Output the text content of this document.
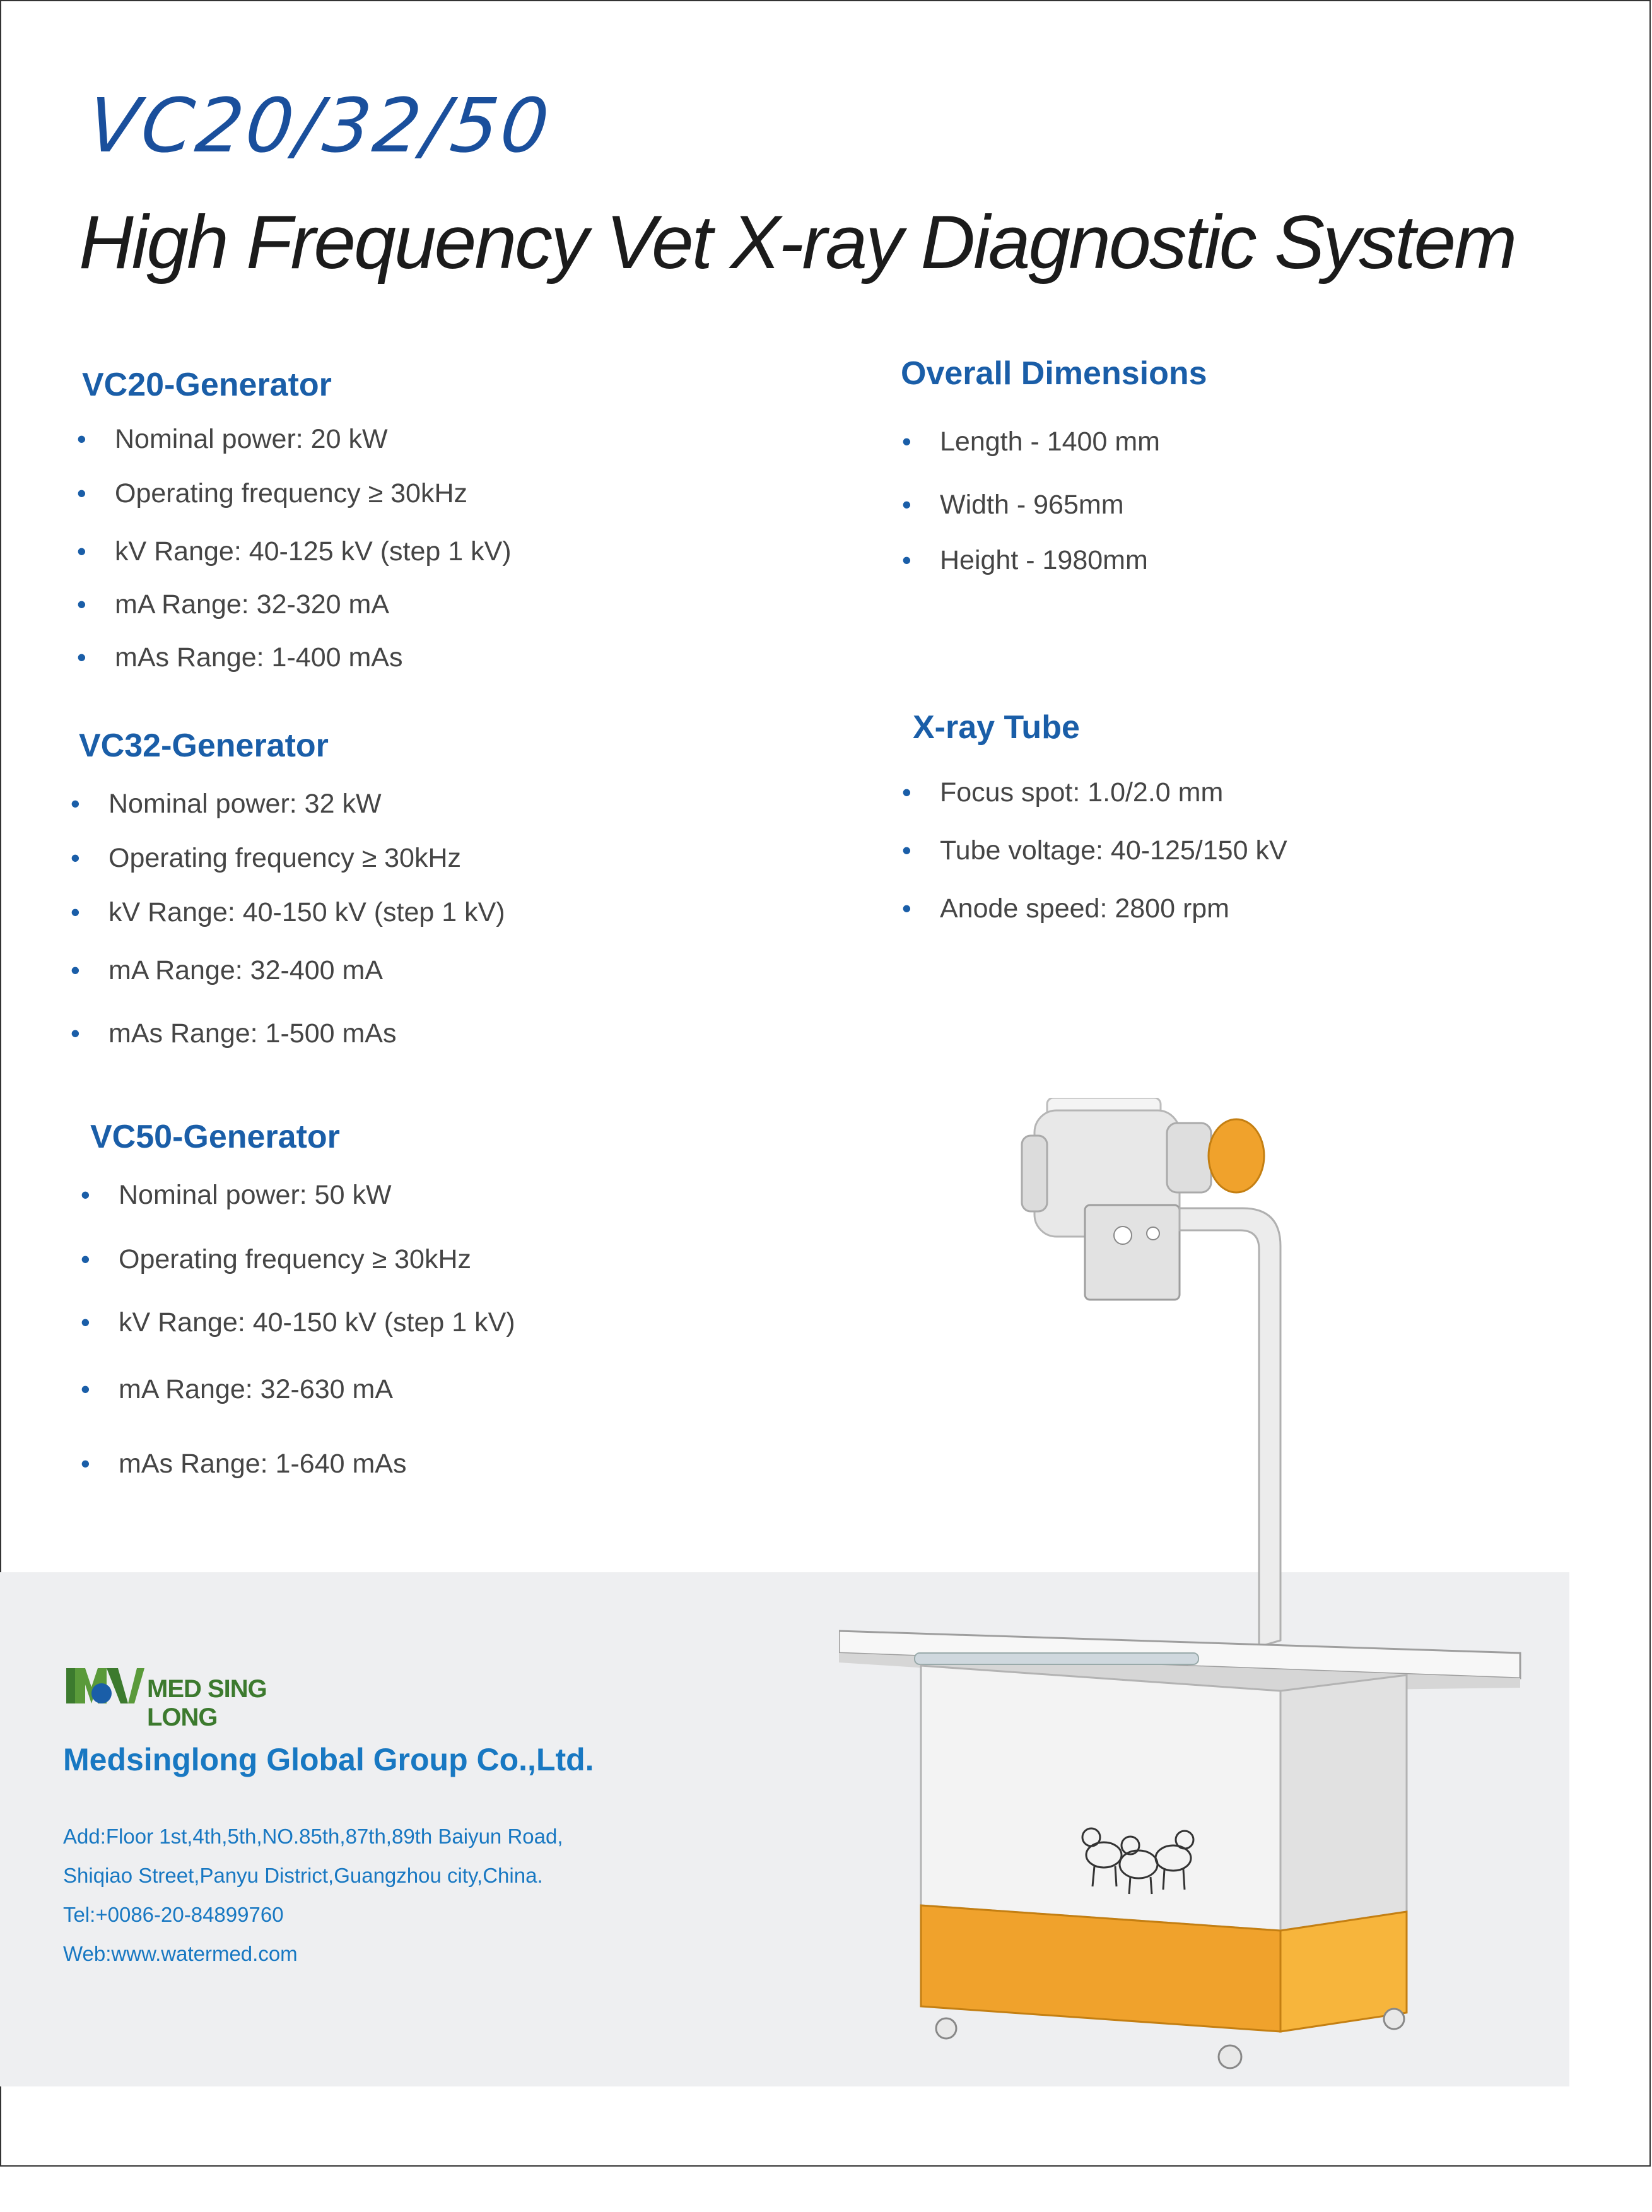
VC20/32/50
High Frequency Vet X-ray Diagnostic System
VC20-Generator
• Nominal power: 20 kW
• Operating frequency ≥ 30kHz
• kV Range: 40-125 kV (step 1 kV)
• mA Range: 32-320 mA
• mAs Range: 1-400 mAs
VC32-Generator
• Nominal power: 32 kW
• Operating frequency ≥ 30kHz
• kV Range: 40-150 kV (step 1 kV)
• mA Range: 32-400 mA
• mAs Range: 1-500 mAs
VC50-Generator
• Nominal power: 50 kW
• Operating frequency ≥ 30kHz
• kV Range: 40-150 kV (step 1 kV)
• mA Range: 32-630 mA
• mAs Range: 1-640 mAs
Overall Dimensions
• Length - 1400 mm
• Width - 965mm
• Height - 1980mm
X-ray Tube
• Focus spot: 1.0/2.0 mm
• Tube voltage: 40-125/150 kV
• Anode speed: 2800 rpm
MED SING LONG
Medsinglong Global Group Co.,Ltd.
Add:Floor 1st,4th,5th,NO.85th,87th,89th Baiyun Road,
Shiqiao Street,Panyu District,Guangzhou city,China.
Tel:+0086-20-84899760
Web:www.watermed.com
